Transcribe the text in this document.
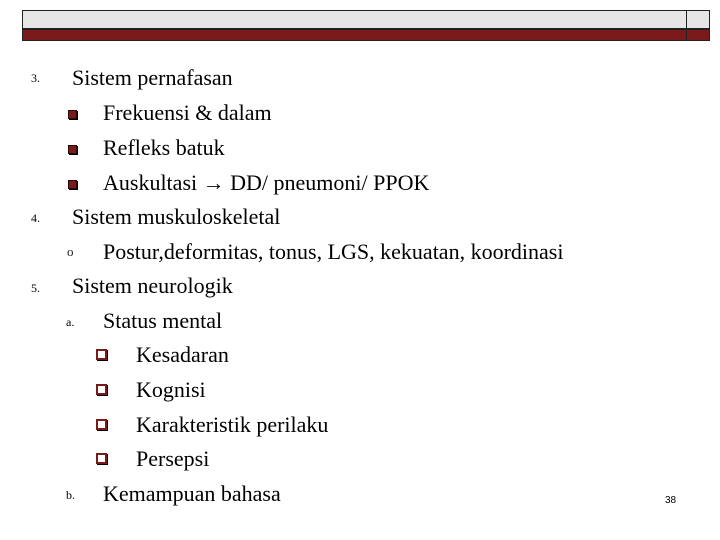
3. Sistem pernafasan
Frekuensi & dalam
Refleks batuk
Auskultasi → DD/ pneumoni/ PPOK
4. Sistem muskuloskeletal
o Postur,deformitas, tonus, LGS, kekuatan, koordinasi
5. Sistem neurologik
a. Status mental
Kesadaran
Kognisi
Karakteristik perilaku
Persepsi
b. Kemampuan bahasa	38
